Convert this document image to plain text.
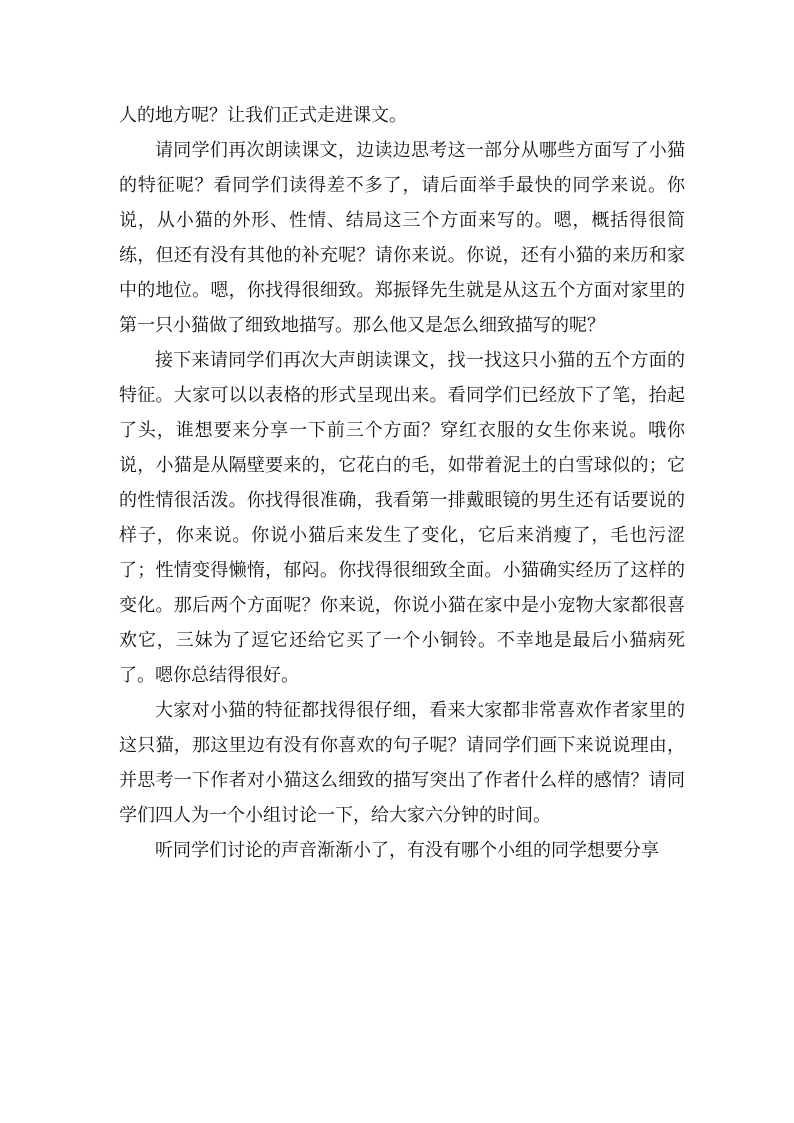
人的地方呢？让我们正式走进课文。

请同学们再次朗读课文，边读边思考这一部分从哪些方面写了小猫的特征呢？看同学们读得差不多了，请后面举手最快的同学来说。你说，从小猫的外形、性情、结局这三个方面来写的。嗯，概括得很简练，但还有没有其他的补充呢？请你来说。你说，还有小猫的来历和家中的地位。嗯，你找得很细致。郑振铎先生就是从这五个方面对家里的第一只小猫做了细致地描写。那么他又是怎么细致描写的呢？

接下来请同学们再次大声朗读课文，找一找这只小猫的五个方面的特征。大家可以以表格的形式呈现出来。看同学们已经放下了笔，抬起了头，谁想要来分享一下前三个方面？穿红衣服的女生你来说。哦你说，小猫是从隔壁要来的，它花白的毛，如带着泥土的白雪球似的；它的性情很活泼。你找得很准确，我看第一排戴眼镜的男生还有话要说的样子，你来说。你说小猫后来发生了变化，它后来消瘦了，毛也污涩了；性情变得懒惰，郁闷。你找得很细致全面。小猫确实经历了这样的变化。那后两个方面呢？你来说，你说小猫在家中是小宠物大家都很喜欢它，三妹为了逗它还给它买了一个小铜铃。不幸地是最后小猫病死了。嗯你总结得很好。

大家对小猫的特征都找得很仔细，看来大家都非常喜欢作者家里的这只猫，那这里边有没有你喜欢的句子呢？请同学们画下来说说理由，并思考一下作者对小猫这么细致的描写突出了作者什么样的感情？请同学们四人为一个小组讨论一下，给大家六分钟的时间。

听同学们讨论的声音渐渐小了，有没有哪个小组的同学想要分享
